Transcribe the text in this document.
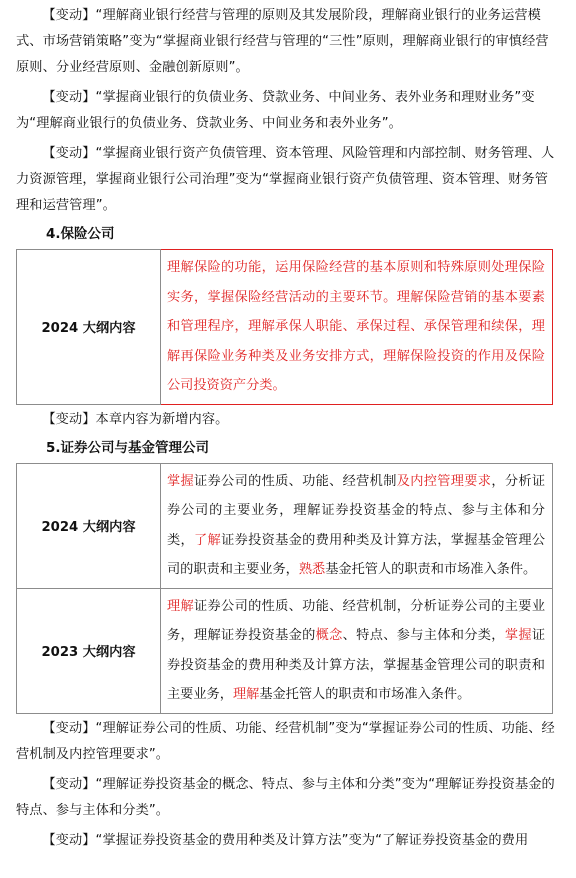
【变动】“理解商业银行经营与管理的原则及其发展阶段，理解商业银行的业务运营模式、市场营销策略”变为“掌握商业银行经营与管理的“三性”原则，理解商业银行的审慎经营原则、分业经营原则、金融创新原则”。

【变动】“掌握商业银行的负债业务、贷款业务、中间业务、表外业务和理财业务”变为“理解商业银行的负债业务、贷款业务、中间业务和表外业务”。

【变动】“掌握商业银行资产负债管理、资本管理、风险管理和内部控制、财务管理、人力资源管理，掌握商业银行公司治理”变为“掌握商业银行资产负债管理、资本管理、财务管理和运营管理”。

4.保险公司
2024 大纲内容	理解保险的功能，运用保险经营的基本原则和特殊原则处理保险实务，掌握保险经营活动的主要环节。理解保险营销的基本要素和管理程序，理解承保人职能、承保过程、承保管理和续保，理解再保险业务种类及业务安排方式，理解保险投资的作用及保险公司投资资产分类。

【变动】本章内容为新增内容。

5.证券公司与基金管理公司
2024 大纲内容	掌握证券公司的性质、功能、经营机制及内控管理要求，分析证券公司的主要业务，理解证券投资基金的特点、参与主体和分类，了解证券投资基金的费用种类及计算方法，掌握基金管理公司的职责和主要业务，熟悉基金托管人的职责和市场准入条件。
2023 大纲内容	理解证券公司的性质、功能、经营机制，分析证券公司的主要业务，理解证券投资基金的概念、特点、参与主体和分类，掌握证券投资基金的费用种类及计算方法，掌握基金管理公司的职责和主要业务，理解基金托管人的职责和市场准入条件。

【变动】“理解证券公司的性质、功能、经营机制”变为“掌握证券公司的性质、功能、经营机制及内控管理要求”。

【变动】“理解证券投资基金的概念、特点、参与主体和分类”变为“理解证券投资基金的特点、参与主体和分类”。

【变动】“掌握证券投资基金的费用种类及计算方法”变为“了解证券投资基金的费用
